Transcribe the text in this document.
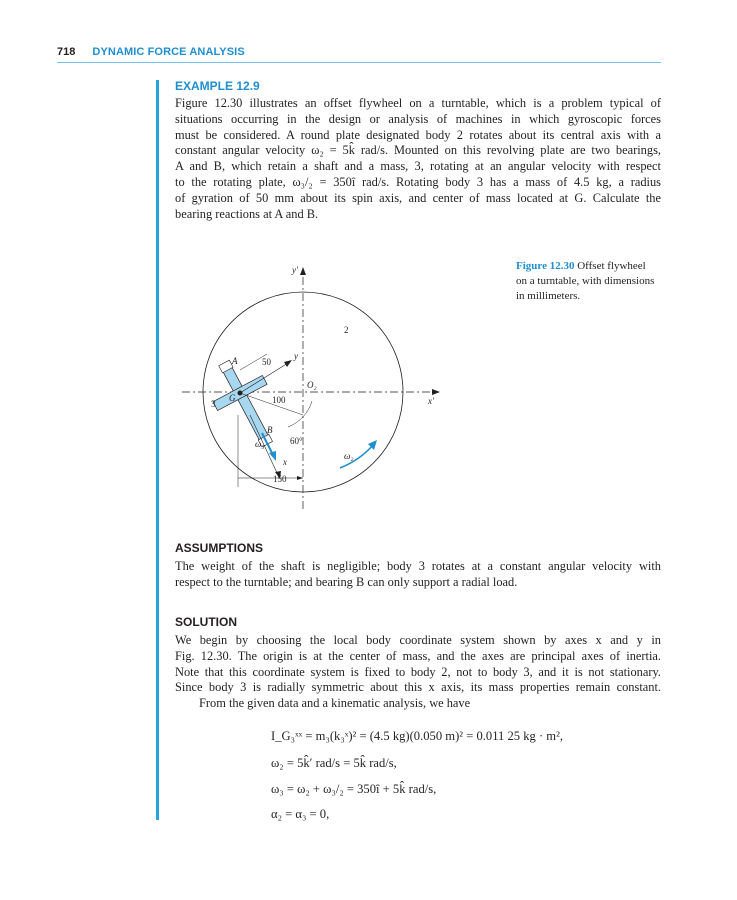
718 DYNAMIC FORCE ANALYSIS
EXAMPLE 12.9
Figure 12.30 illustrates an offset flywheel on a turntable, which is a problem typical of
situations occurring in the design or analysis of machines in which gyroscopic forces
must be considered. A round plate designated body 2 rotates about its central axis with a
constant angular velocity ω₂ = 5k̂ rad/s. Mounted on this revolving plate are two bearings,
A and B, which retain a shaft and a mass, 3, rotating at an angular velocity with respect
to the rotating plate, ω₃/₂ = 350î rad/s. Rotating body 3 has a mass of 4.5 kg, a radius
of gyration of 50 mm about its spin axis, and center of mass located at G. Calculate the
bearing reactions at A and B.
y′
x′
2
O₂
A
B
G
3
y
x
50
100
150
60°
ω₃
ω₂
Figure 12.30 Offset flywheel
on a turntable, with dimensions
in millimeters.
ASSUMPTIONS
The weight of the shaft is negligible; body 3 rotates at a constant angular velocity with
respect to the turntable; and bearing B can only support a radial load.
SOLUTION
We begin by choosing the local body coordinate system shown by axes x and y in
Fig. 12.30. The origin is at the center of mass, and the axes are principal axes of inertia.
Note that this coordinate system is fixed to body 2, not to body 3, and it is not stationary.
Since body 3 is radially symmetric about this x axis, its mass properties remain constant.
From the given data and a kinematic analysis, we have
I_G₃ˣˣ = m₃(k₃ˣ)² = (4.5 kg)(0.050 m)² = 0.011 25 kg · m²,
ω₂ = 5k̂′ rad/s = 5k̂ rad/s,
ω₃ = ω₂ + ω₃/₂ = 350î + 5k̂ rad/s,
α₂ = α₃ = 0,
